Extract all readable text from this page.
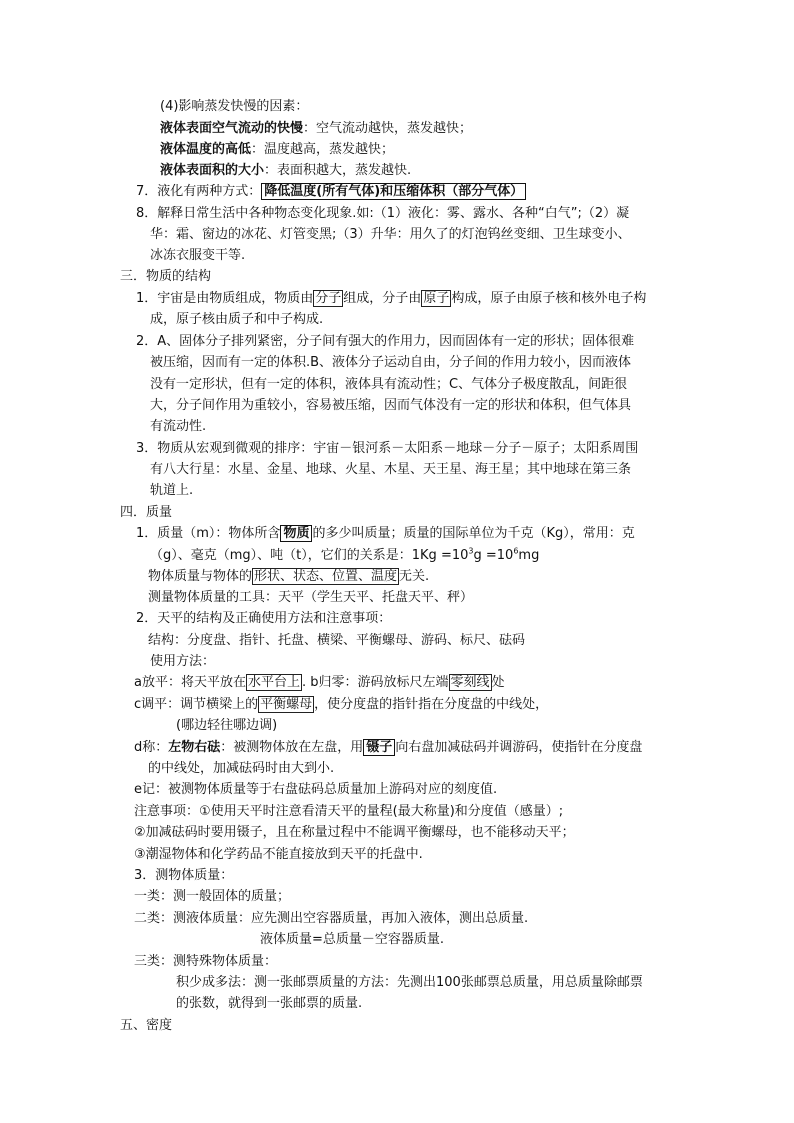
(4)影响蒸发快慢的因素：
液体表面空气流动的快慢：空气流动越快，蒸发越快；
液体温度的高低：温度越高，蒸发越快；
液体表面积的大小：表面积越大，蒸发越快.
7．液化有两种方式： 降低温度(所有气体)和压缩体积（部分气体）
8．解释日常生活中各种物态变化现象.如:（1）液化：雾、露水、各种“白气”;（2）凝
华：霜、窗边的冰花、灯管变黑;（3）升华：用久了的灯泡钨丝变细、卫生球变小、
冰冻衣服变干等.
三．物质的结构
1．宇宙是由物质组成，物质由 分子 组成，分子由 原子 构成，原子由原子核和核外电子构
成，原子核由质子和中子构成.
2．A、固体分子排列紧密，分子间有强大的作用力，因而固体有一定的形状；固体很难
被压缩，因而有一定的体积.B、液体分子运动自由，分子间的作用力较小，因而液体
没有一定形状，但有一定的体积，液体具有流动性；C、气体分子极度散乱，间距很
大，分子间作用为重较小，容易被压缩，因而气体没有一定的形状和体积，但气体具
有流动性.
3．物质从宏观到微观的排序：宇宙－银河系－太阳系－地球－分子－原子；太阳系周围
有八大行星：水星、金星、地球、火星、木星、天王星、海王星；其中地球在第三条
轨道上.
四．质量
1．质量（m）：物体所含 物质 的多少叫质量；质量的国际单位为千克（Kg），常用：克
（g）、毫克（mg）、吨（t），它们的关系是：$1Kg =10^3g =10^6mg$
物体质量与物体的 形状、状态、位置、温度 无关.
测量物体质量的工具：天平（学生天平、托盘天平、秤）
2．天平的结构及正确使用方法和注意事项：
结构：分度盘、指针、托盘、横梁、平衡螺母、游码、标尺、砝码
使用方法：
a放平：将天平放在 水平台上 . b归零：游码放标尺左端 零刻线 处
c调平：调节横梁上的 平衡螺母 ，使分度盘的指针指在分度盘的中线处，
(哪边轻往哪边调)
d称：左物右砝：被测物体放在左盘，用 镊子 向右盘加减砝码并调游码，使指针在分度盘
的中线处，加减砝码时由大到小.
e记：被测物体质量等于右盘砝码总质量加上游码对应的刻度值.
注意事项：①使用天平时注意看清天平的量程(最大称量)和分度值（感量）;
②加减砝码时要用镊子，且在称量过程中不能调平衡螺母，也不能移动天平；
③潮湿物体和化学药品不能直接放到天平的托盘中.
3．测物体质量：
一类：测一般固体的质量；
二类：测液体质量：应先测出空容器质量，再加入液体，测出总质量.
液体质量=总质量－空容器质量.
三类：测特殊物体质量：
积少成多法：测一张邮票质量的方法：先测出100张邮票总质量，用总质量除邮票
的张数，就得到一张邮票的质量.
五、密度
